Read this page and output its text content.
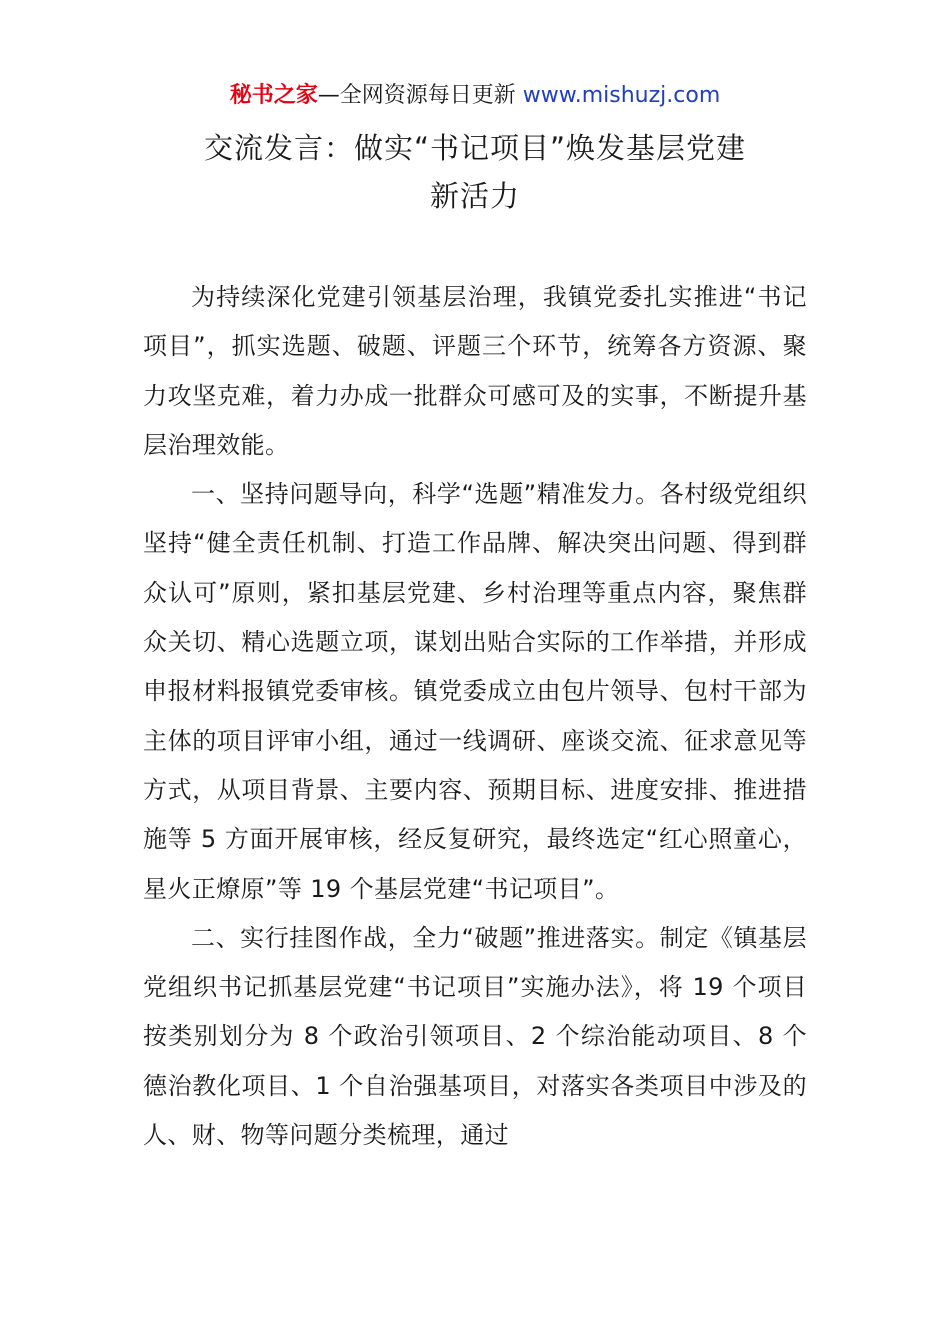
秘书之家—全网资源每日更新 www.mishuzj.com
交流发言：做实“书记项目”焕发基层党建
新活力

为持续深化党建引领基层治理，我镇党委扎实推进“书记项目”，抓实选题、破题、评题三个环节，统筹各方资源、聚力攻坚克难，着力办成一批群众可感可及的实事，不断提升基层治理效能。

一、坚持问题导向，科学“选题”精准发力。各村级党组织坚持“健全责任机制、打造工作品牌、解决突出问题、得到群众认可”原则，紧扣基层党建、乡村治理等重点内容，聚焦群众关切、精心选题立项，谋划出贴合实际的工作举措，并形成申报材料报镇党委审核。镇党委成立由包片领导、包村干部为主体的项目评审小组，通过一线调研、座谈交流、征求意见等方式，从项目背景、主要内容、预期目标、进度安排、推进措施等 5 方面开展审核，经反复研究，最终选定“红心照童心，星火正燎原”等 19 个基层党建“书记项目”。

二、实行挂图作战，全力“破题”推进落实。制定《镇基层党组织书记抓基层党建“书记项目”实施办法》，将 19 个项目按类别划分为 8 个政治引领项目、2 个综治能动项目、8 个德治教化项目、1 个自治强基项目，对落实各类项目中涉及的人、财、物等问题分类梳理，通过
